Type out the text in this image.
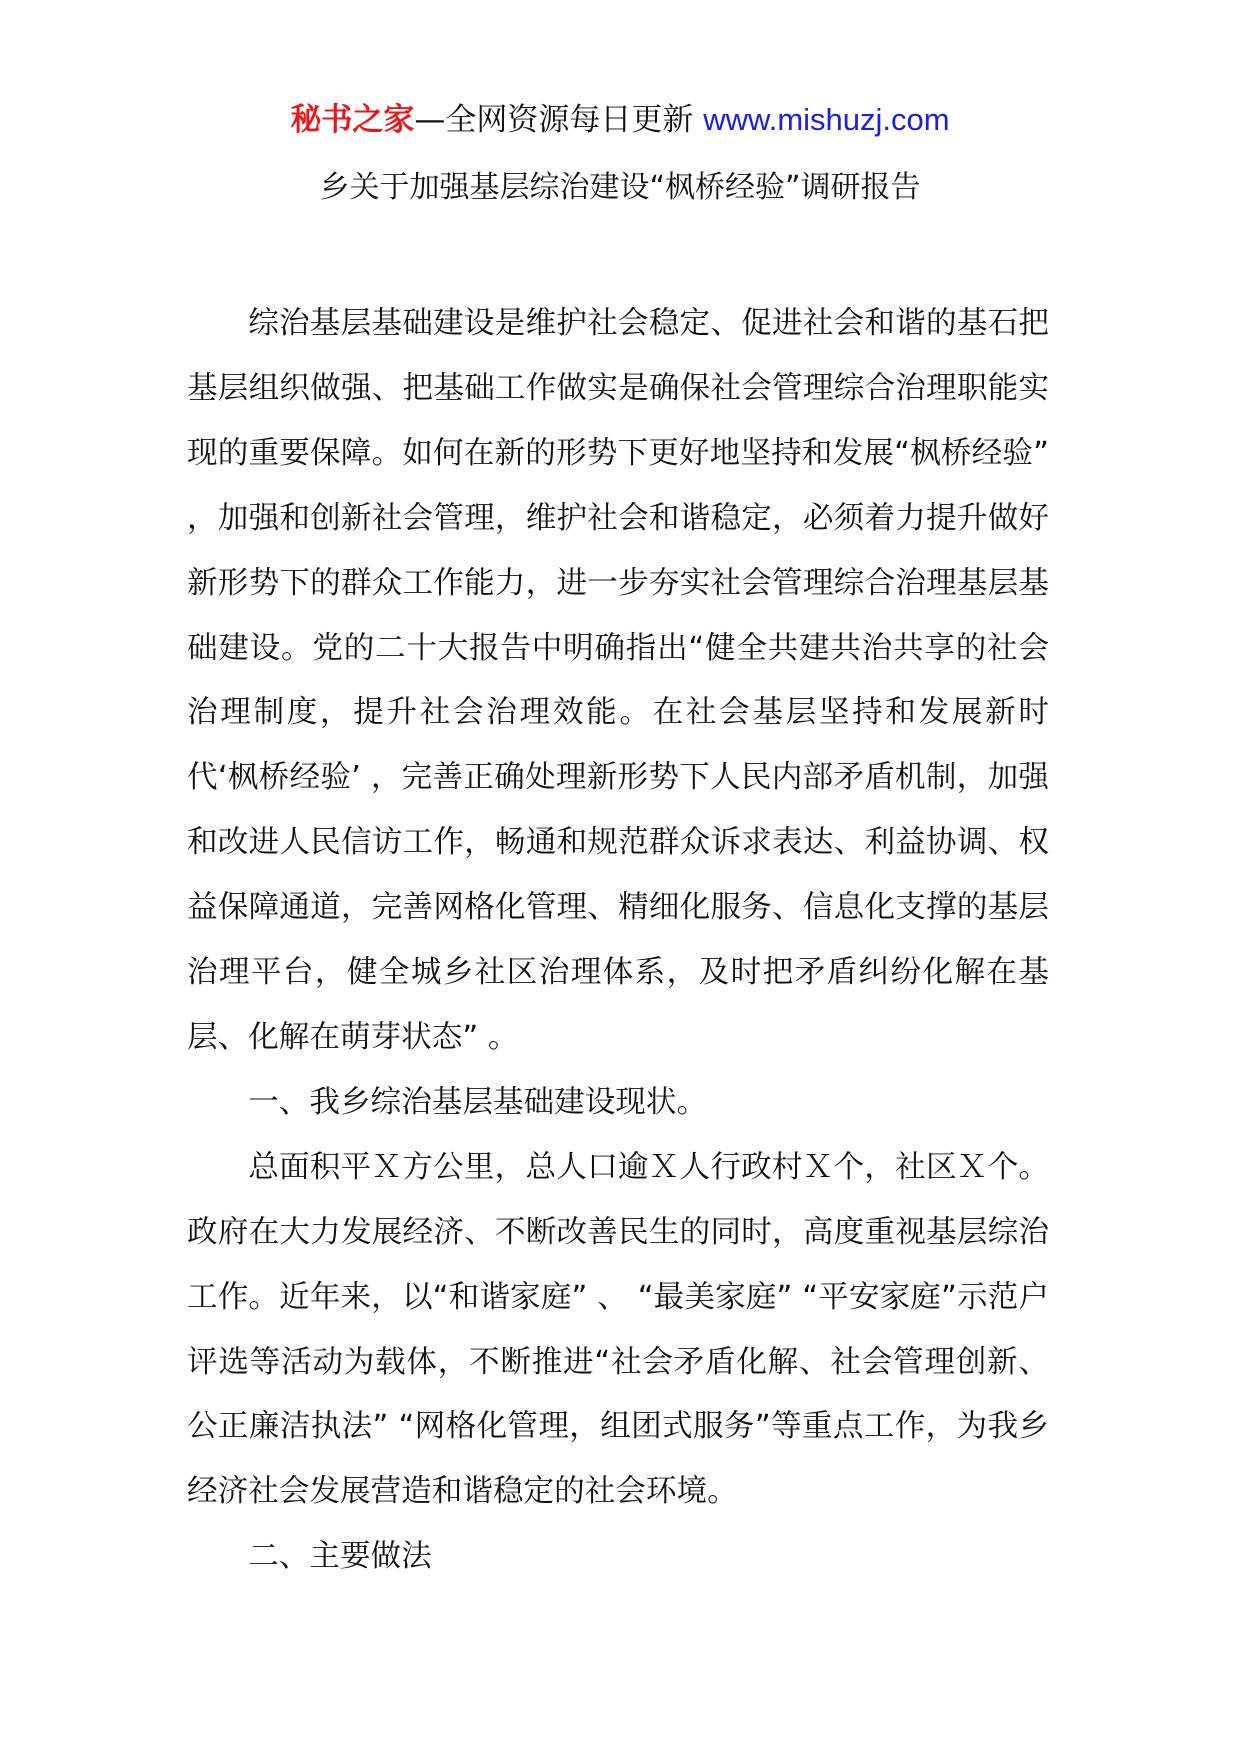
秘书之家—全网资源每日更新 www.mishuzj.com
乡关于加强基层综治建设“枫桥经验”调研报告

综治基层基础建设是维护社会稳定、促进社会和谐的基石把基层组织做强、把基础工作做实是确保社会管理综合治理职能实现的重要保障。如何在新的形势下更好地坚持和发展“枫桥经验” ，加强和创新社会管理，维护社会和谐稳定，必须着力提升做好新形势下的群众工作能力，进一步夯实社会管理综合治理基层基础建设。党的二十大报告中明确指出“健全共建共治共享的社会治理制度，提升社会治理效能。在社会基层坚持和发展新时代‘枫桥经验’ ，完善正确处理新形势下人民内部矛盾机制，加强和改进人民信访工作，畅通和规范群众诉求表达、利益协调、权益保障通道，完善网格化管理、精细化服务、信息化支撑的基层治理平台，健全城乡社区治理体系，及时把矛盾纠纷化解在基层、化解在萌芽状态” 。

一、我乡综治基层基础建设现状。

总面积平Ｘ方公里，总人口逾Ｘ人行政村Ｘ个，社区Ｘ个。政府在大力发展经济、不断改善民生的同时，高度重视基层综治工作。近年来，以“和谐家庭” 、 “最美家庭” “平安家庭”示范户评选等活动为载体，不断推进“社会矛盾化解、社会管理创新、公正廉洁执法” “网格化管理，组团式服务”等重点工作，为我乡经济社会发展营造和谐稳定的社会环境。

二、主要做法
